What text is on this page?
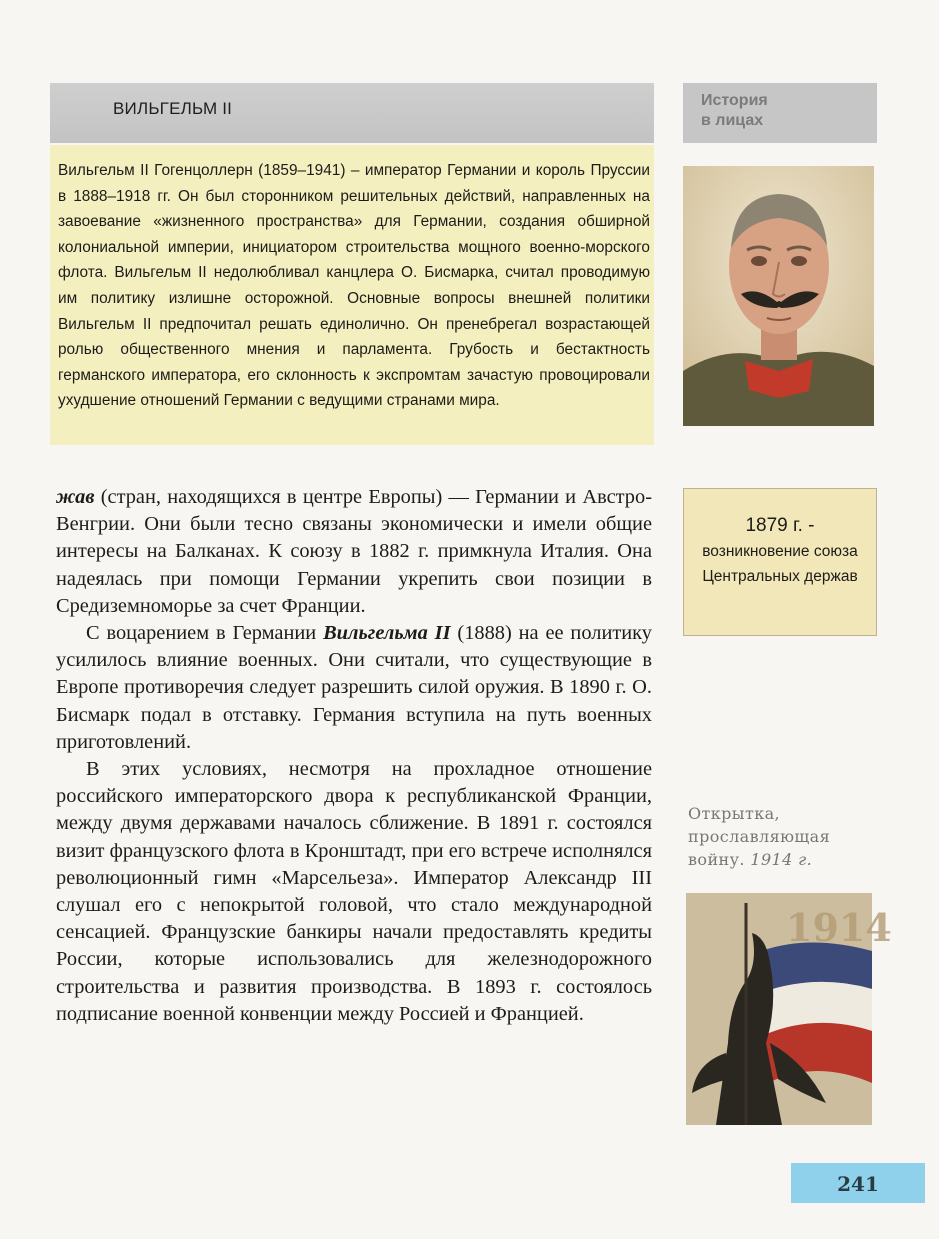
ВИЛЬГЕЛЬМ II	История
в лицах
Вильгельм II Гогенцоллерн (1859–1941) – император Германии и король Пруссии в 1888–1918 гг. Он был сторонником решительных действий, направленных на завоевание «жизненного пространства» для Германии, создания обширной колониальной империи, инициатором строительства мощного военно-морского флота. Вильгельм II недолюбливал канцлера О. Бисмарка, считал проводимую им политику излишне осторожной. Основные вопросы внешней политики Вильгельм II предпочитал решать единолично. Он пренебрегал возрастающей ролью общественного мнения и парламента. Грубость и бестактность германского императора, его склонность к экспромтам зачастую провоцировали ухудшение отношений Германии с ведущими странами мира.
1879 г. -
возникновение союза Центральных держав

жав (стран, находящихся в центре Европы) — Германии и Австро-Венгрии. Они были тесно связаны экономически и имели общие интересы на Балканах. К союзу в 1882 г. примкнула Италия. Она надеялась при помощи Германии укрепить свои позиции в Средиземноморье за счет Франции.

С воцарением в Германии Вильгельма II (1888) на ее политику усилилось влияние военных. Они считали, что существующие в Европе противоречия следует разрешить силой оружия. В 1890 г. О. Бисмарк подал в отставку. Германия вступила на путь военных приготовлений.

В этих условиях, несмотря на прохладное отношение российского императорского двора к республиканской Франции, между двумя державами началось сближение. В 1891 г. состоялся визит французского флота в Кронштадт, при его встрече исполнялся революционный гимн «Марсельеза». Император Александр III слушал его с непокрытой головой, что стало международной сенсацией. Французские банкиры начали предоставлять кредиты России, которые использовались для железнодорожного строительства и развития производства. В 1893 г. состоялось подписание военной конвенции между Россией и Францией.

Открытка, прославляющая войну. 1914 г.
1914
241
